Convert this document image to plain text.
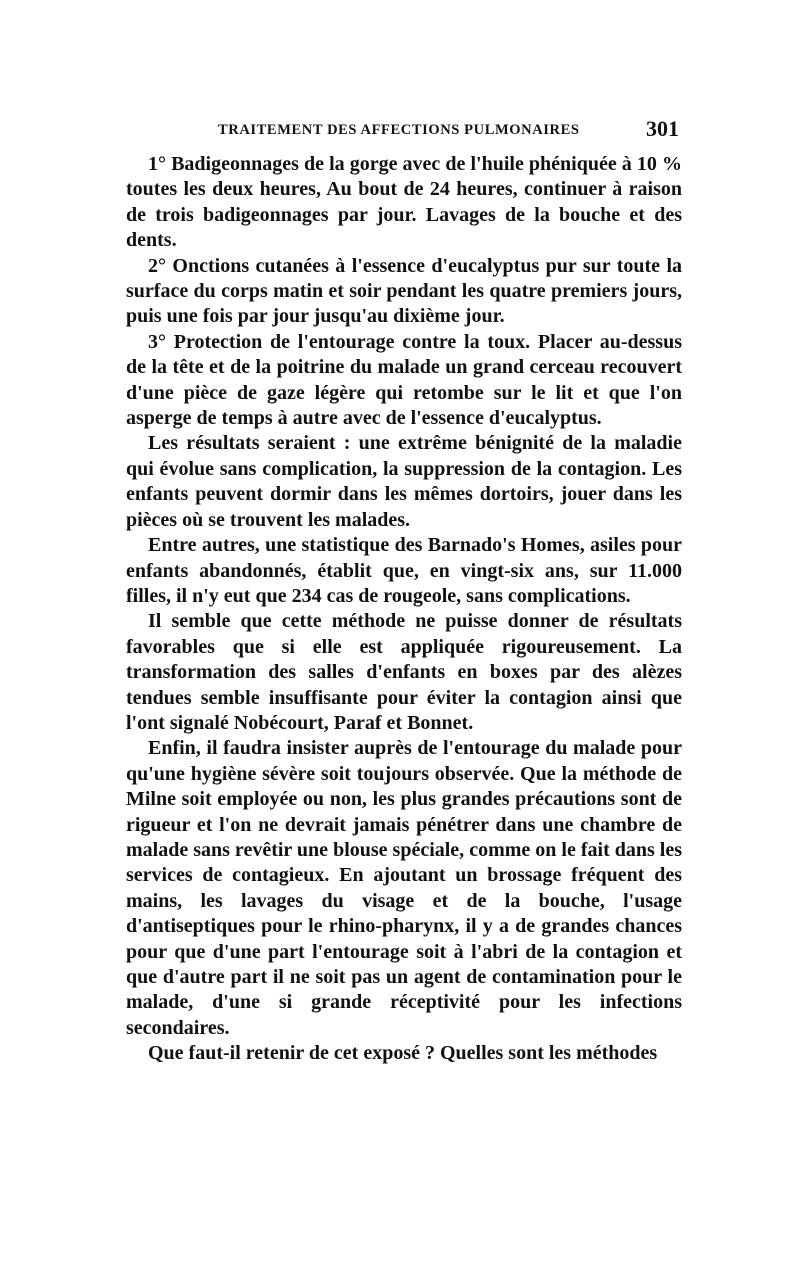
TRAITEMENT DES AFFECTIONS PULMONAIRES	301

1° Badigeonnages de la gorge avec de l'huile phéniquée à 10 % toutes les deux heures, Au bout de 24 heures, continuer à raison de trois badigeonnages par jour. Lavages de la bouche et des dents.

2° Onctions cutanées à l'essence d'eucalyptus pur sur toute la surface du corps matin et soir pendant les quatre premiers jours, puis une fois par jour jusqu'au dixième jour.

3° Protection de l'entourage contre la toux. Placer au-dessus de la tête et de la poitrine du malade un grand cerceau recouvert d'une pièce de gaze légère qui retombe sur le lit et que l'on asperge de temps à autre avec de l'essence d'eucalyptus.

Les résultats seraient : une extrême bénignité de la maladie qui évolue sans complication, la suppression de la contagion. Les enfants peuvent dormir dans les mêmes dortoirs, jouer dans les pièces où se trouvent les malades.

Entre autres, une statistique des Barnado's Homes, asiles pour enfants abandonnés, établit que, en vingt-six ans, sur 11.000 filles, il n'y eut que 234 cas de rougeole, sans complications.

Il semble que cette méthode ne puisse donner de résultats favorables que si elle est appliquée rigoureusement. La transformation des salles d'enfants en boxes par des alèzes tendues semble insuffisante pour éviter la contagion ainsi que l'ont signalé Nobécourt, Paraf et Bonnet.

Enfin, il faudra insister auprès de l'entourage du malade pour qu'une hygiène sévère soit toujours observée. Que la méthode de Milne soit employée ou non, les plus grandes précautions sont de rigueur et l'on ne devrait jamais pénétrer dans une chambre de malade sans revêtir une blouse spéciale, comme on le fait dans les services de contagieux. En ajoutant un brossage fréquent des mains, les lavages du visage et de la bouche, l'usage d'antiseptiques pour le rhino-pharynx, il y a de grandes chances pour que d'une part l'entourage soit à l'abri de la contagion et que d'autre part il ne soit pas un agent de contamination pour le malade, d'une si grande réceptivité pour les infections secondaires.

Que faut-il retenir de cet exposé ? Quelles sont les méthodes
